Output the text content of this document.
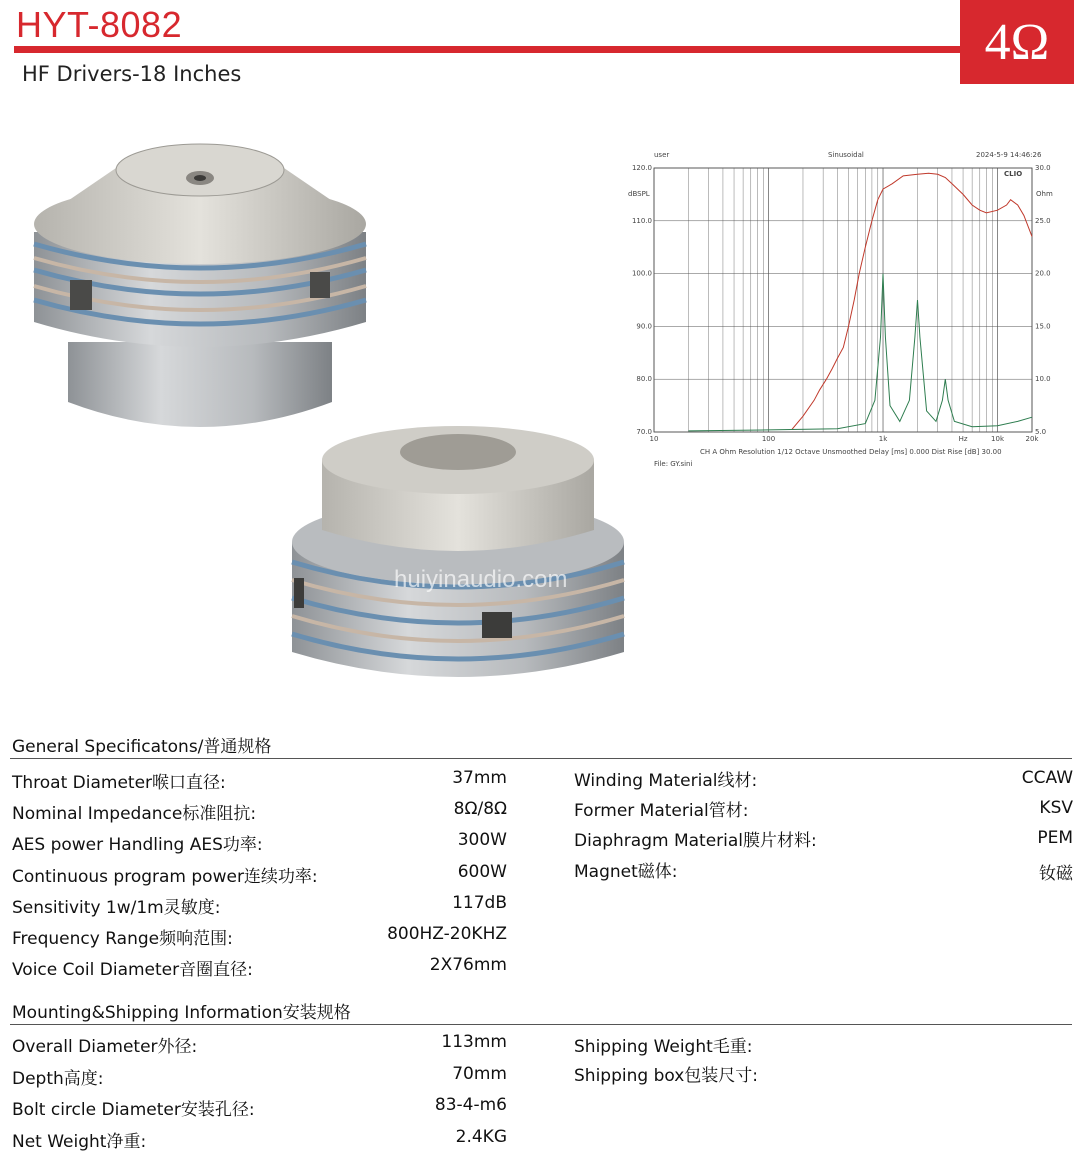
HYT-8082	4Ω
HF Drivers-18 Inches
huiyinaudio.com
user	Sinusoidal	2024-5-9 14:46:26
CLIO
dBSPL	Ohm
CH A Ohm Resolution 1/12 Octave Unsmoothed Delay [ms] 0.000 Dist Rise [dB] 30.00
File: GY.sini
120.0
110.0
100.0
90.0
80.0
70.0
30.0
25.0
20.0
15.0
10.0
5.0
10	100	1k	Hz	10k	20k
General Specificatons/普通规格
Throat Diameter喉口直径:	37mm
Nominal Impedance标准阻抗:	8Ω/8Ω
AES power Handling AES功率:	300W
Continuous program power连续功率:	600W
Sensitivity 1w/1m灵敏度:	117dB
Frequency Range频响范围:	800HZ-20KHZ
Voice Coil Diameter音圈直径:	2X76mm
Winding Material线材:	CCAW
Former Material管材:	KSV
Diaphragm Material膜片材料:	PEM
Magnet磁体:	钕磁
Mounting&Shipping Information安装规格
Overall Diameter外径:	113mm
Depth高度:	70mm
Bolt circle Diameter安装孔径:	83-4-m6
Net Weight净重:	2.4KG
Shipping Weight毛重:
Shipping box包装尺寸:
